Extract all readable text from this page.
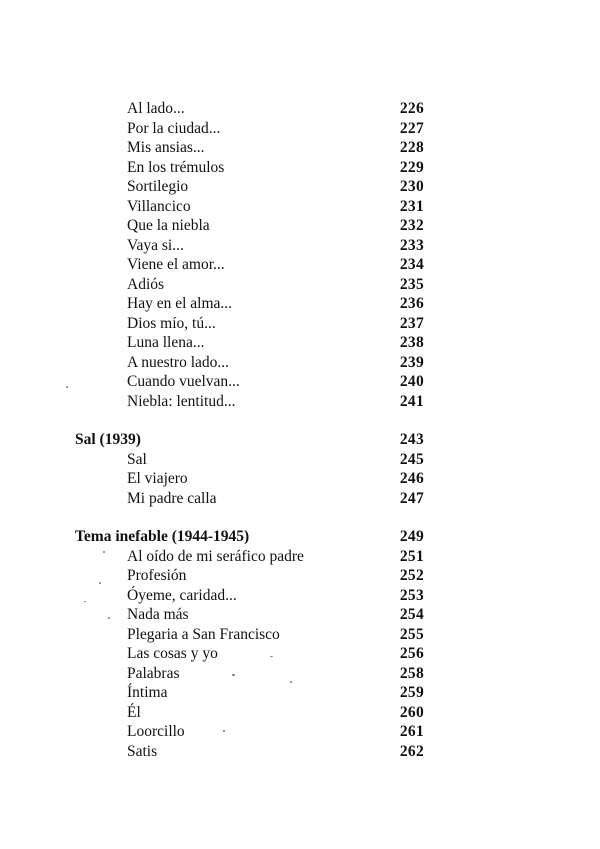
Al lado...	226
Por la ciudad...	227
Mis ansias...	228
En los trémulos	229
Sortilegio	230
Villancico	231
Que la niebla	232
Vaya si...	233
Viene el amor...	234
Adiós	235
Hay en el alma...	236
Dios mío, tú...	237
Luna llena...	238
A nuestro lado...	239
Cuando vuelvan...	240
Niebla: lentitud...	241
Sal (1939)	243
Sal	245
El viajero	246
Mi padre calla	247
Tema inefable (1944-1945)	249
Al oído de mi seráfico padre	251
Profesión	252
Óyeme, caridad...	253
Nada más	254
Plegaria a San Francisco	255
Las cosas y yo	256
Palabras	258
Íntima	259
Él	260
Loorcillo	261
Satis	262
